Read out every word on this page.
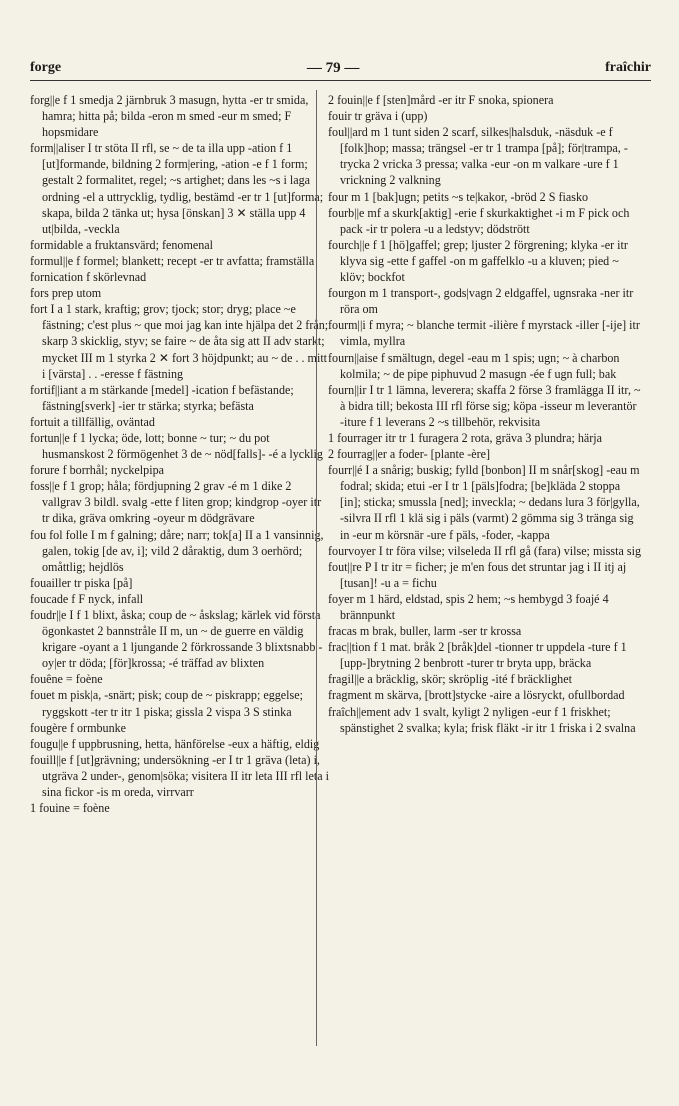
forge	— 79 —	fraîchir

forg||e f 1 smedja 2 järnbruk 3 masugn, hytta -er tr smida, hamra; hitta på; bilda -eron m smed -eur m smed; F hopsmidare

form||aliser I tr stöta II rfl, se ~ de ta illa upp -ation f 1 [ut]formande, bildning 2 form|ering, -ation -e f 1 form; gestalt 2 formalitet, regel; ~s artighet; dans les ~s i laga ordning -el a uttrycklig, tydlig, bestämd -er tr 1 [ut]forma; skapa, bilda 2 tänka ut; hysa [önskan] 3 ✕ ställa upp 4 ut|bilda, -veckla

formidable a fruktansvärd; fenomenal

formul||e f formel; blankett; recept -er tr avfatta; framställa

fornication f skörlevnad

fors prep utom

fort I a 1 stark, kraftig; grov; tjock; stor; dryg; place ~e fästning; c'est plus ~ que moi jag kan inte hjälpa det 2 från; skarp 3 skicklig, styv; se faire ~ de åta sig att II adv starkt; mycket III m 1 styrka 2 ✕ fort 3 höjdpunkt; au ~ de . . mitt i [värsta] . . -eresse f fästning

fortif||iant a m stärkande [medel] -ication f befästande; fästning[sverk] -ier tr stärka; styrka; befästa

fortuit a tillfällig, oväntad

fortun||e f 1 lycka; öde, lott; bonne ~ tur; ~ du pot husmanskost 2 förmögenhet 3 de ~ nöd[falls]- -é a lycklig

forure f borrhål; nyckelpipa

foss||e f 1 grop; håla; fördjupning 2 grav -é m 1 dike 2 vallgrav 3 bildl. svalg -ette f liten grop; kindgrop -oyer itr tr dika, gräva omkring -oyeur m dödgrävare

fou fol folle I m f galning; dåre; narr; tok[a] II a 1 vansinnig, galen, tokig [de av, i]; vild 2 dåraktig, dum 3 oerhörd; omåttlig; hejdlös

fouailler tr piska [på]

foucade f F nyck, infall

foudr||e I f 1 blixt, åska; coup de ~ åskslag; kärlek vid första ögonkastet 2 bannstråle II m, un ~ de guerre en väldig krigare -oyant a 1 ljungande 2 förkrossande 3 blixtsnabb -oy|er tr döda; [för]krossa; -é träffad av blixten

fouêne = foène

fouet m pisk|a, -snärt; pisk; coup de ~ piskrapp; eggelse; ryggskott -ter tr itr 1 piska; gissla 2 vispa 3 S stinka

fougère f ormbunke

fougu||e f uppbrusning, hetta, hänförelse -eux a häftig, eldig

fouill||e f [ut]grävning; undersökning -er I tr 1 gräva (leta) i, utgräva 2 under-, genom|söka; visitera II itr leta III rfl leta i sina fickor -is m oreda, virrvarr

1 fouine = foène

2 fouin||e f [sten]mård -er itr F snoka, spionera

fouir tr gräva i (upp)

foul||ard m 1 tunt siden 2 scarf, silkes|halsduk, -näsduk -e f [folk]hop; massa; trängsel -er tr 1 trampa [på]; för|trampa, -trycka 2 vricka 3 pressa; valka -eur -on m valkare -ure f 1 vrickning 2 valkning

four m 1 [bak]ugn; petits ~s te|kakor, -bröd 2 S fiasko

fourb||e mf a skurk[aktig] -erie f skurkaktighet -i m F pick och pack -ir tr polera -u a ledstyv; dödstrött

fourch||e f 1 [hö]gaffel; grep; ljuster 2 förgrening; klyka -er itr klyva sig -ette f gaffel -on m gaffelklo -u a kluven; pied ~ klöv; bockfot

fourgon m 1 transport-, gods|vagn 2 eldgaffel, ugnsraka -ner itr röra om

fourm||i f myra; ~ blanche termit -ilière f myrstack -iller [-ije] itr vimla, myllra

fourn||aise f smältugn, degel -eau m 1 spis; ugn; ~ à charbon kolmila; ~ de pipe piphuvud 2 masugn -ée f ugn full; bak

fourn||ir I tr 1 lämna, leverera; skaffa 2 förse 3 framlägga II itr, ~ à bidra till; bekosta III rfl förse sig; köpa -isseur m leverantör -iture f 1 leverans 2 ~s tillbehör, rekvisita

1 fourrager itr tr 1 furagera 2 rota, gräva 3 plundra; härja

2 fourrag||er a foder- [plante -ère]

fourr||é I a snårig; buskig; fylld [bonbon] II m snår[skog] -eau m fodral; skida; etui -er I tr 1 [päls]fodra; [be]kläda 2 stoppa [in]; sticka; smussla [ned]; inveckla; ~ dedans lura 3 för|gylla, -silvra II rfl 1 klä sig i päls (varmt) 2 gömma sig 3 tränga sig in -eur m körsnär -ure f päls, -foder, -kappa

fourvoyer I tr föra vilse; vilseleda II rfl gå (fara) vilse; missta sig

fout||re P I tr itr = ficher; je m'en fous det struntar jag i II itj aj [tusan]! -u a = fichu

foyer m 1 härd, eldstad, spis 2 hem; ~s hembygd 3 foajé 4 brännpunkt

fracas m brak, buller, larm -ser tr krossa

frac||tion f 1 mat. bråk 2 [bråk]del -tionner tr uppdela -ture f 1 [upp-]brytning 2 benbrott -turer tr bryta upp, bräcka

fragil||e a bräcklig, skör; skröplig -ité f bräcklighet

fragment m skärva, [brott]stycke -aire a lösryckt, ofullbordad

fraîch||ement adv 1 svalt, kyligt 2 nyligen -eur f 1 friskhet; spänstighet 2 svalka; kyla; frisk fläkt -ir itr 1 friska i 2 svalna
